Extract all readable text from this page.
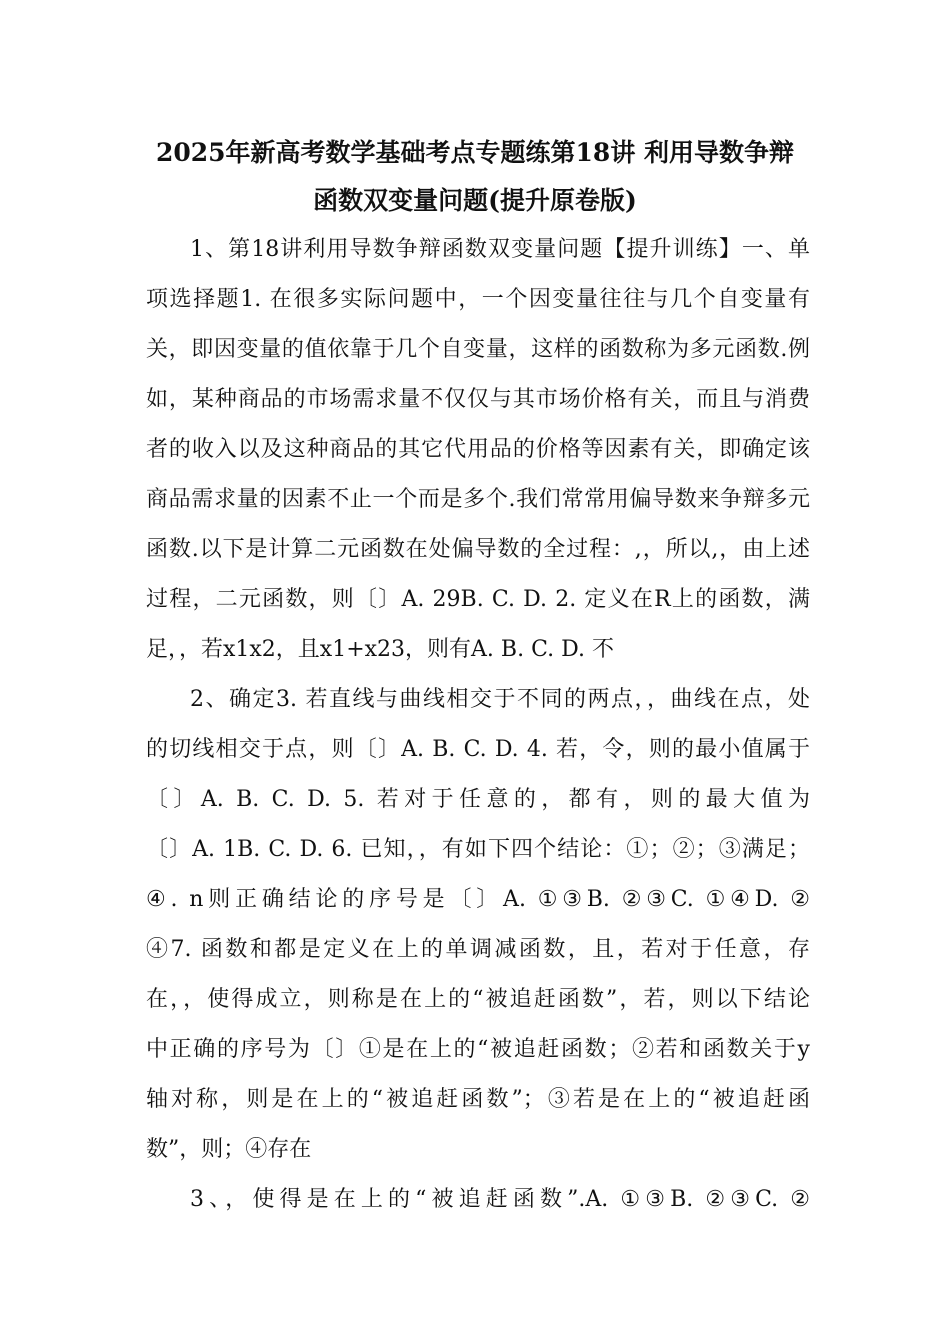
2025年新高考数学基础考点专题练第18讲 利用导数争辩
函数双变量问题(提升原卷版)
1、第18讲利用导数争辩函数双变量问题【提升训练】一、单
项选择题1. 在很多实际问题中，一个因变量往往与几个自变量有
关，即因变量的值依靠于几个自变量，这样的函数称为多元函数.例
如，某种商品的市场需求量不仅仅与其市场价格有关，而且与消费
者的收入以及这种商品的其它代用品的价格等因素有关，即确定该
商品需求量的因素不止一个而是多个.我们常常用偏导数来争辩多元
函数.以下是计算二元函数在处偏导数的全过程：,，所以,，由上述
过程，二元函数，则〔〕A. 29B. C. D. 2. 定义在R上的函数，满
足，，若x1x2，且x1+x23，则有A. B. C. D. 不
2、确定3. 若直线与曲线相交于不同的两点，，曲线在点，处
的切线相交于点，则〔〕A. B. C. D. 4. 若，令，则的最小值属于
〔〕A. B. C. D. 5. 若对于任意的，都有，则的最大值为
〔〕A. 1B. C. D. 6. 已知，，有如下四个结论：①；②；③满足；
④. n则正确结论的序号是〔〕A. ①③B. ②③C. ①④D. ②
④7. 函数和都是定义在上的单调减函数，且，若对于任意，存
在，，使得成立，则称是在上的“被追赶函数”，若，则以下结论
中正确的序号为〔〕①是在上的“被追赶函数；②若和函数关于y
轴对称，则是在上的“被追赶函数”；③若是在上的“被追赶函
数”，则；④存在
3、，使得是在上的“被追赶函数”.A. ①③B. ②③C. ②
